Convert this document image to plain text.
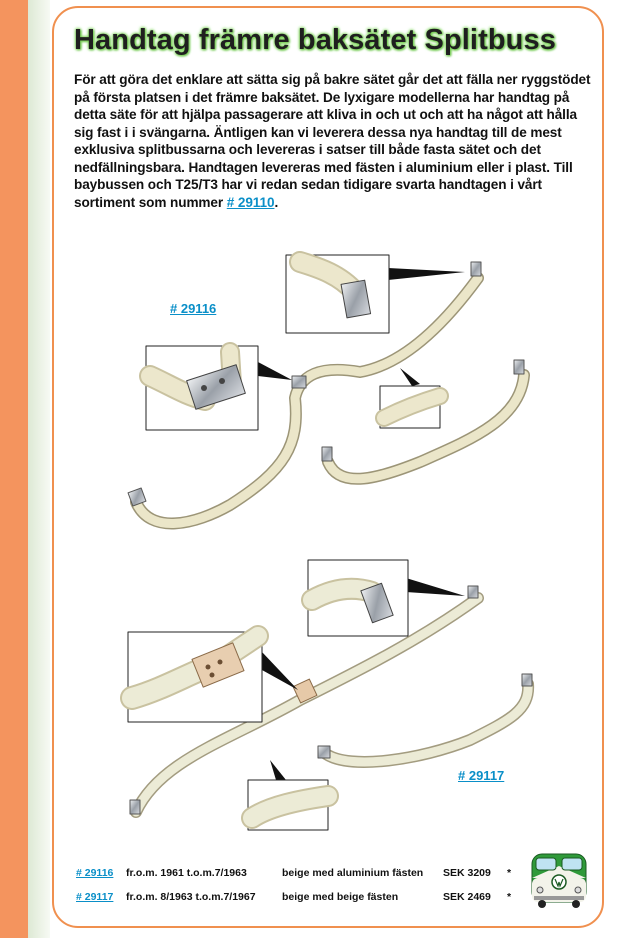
Handtag främre baksätet Splitbuss

För att göra det enklare att sätta sig på bakre sätet går det att fälla ner ryggstödet på första platsen i det främre baksätet. De lyxigare modellerna har handtag på detta säte för att hjälpa passagerare att kliva in och ut och att ha något att hålla sig fast i i svängarna. Äntligen kan vi leverera dessa nya handtag till de mest exklusiva splitbussarna och levereras i satser till både fasta sätet och det nedfällningsbara. Handtagen levereras med fästen i aluminium eller i plast. Till baybussen och T25/T3 har vi redan sedan tidigare svarta handtagen i vårt sortiment som nummer # 29110.

# 29116
# 29117
# 29116 fr.o.m. 1961 t.o.m.7/1963	beige med aluminium fästen SEK 3209 *
# 29117 fr.o.m. 8/1963 t.o.m.7/1967	beige med beige fästen	SEK 2469 *
